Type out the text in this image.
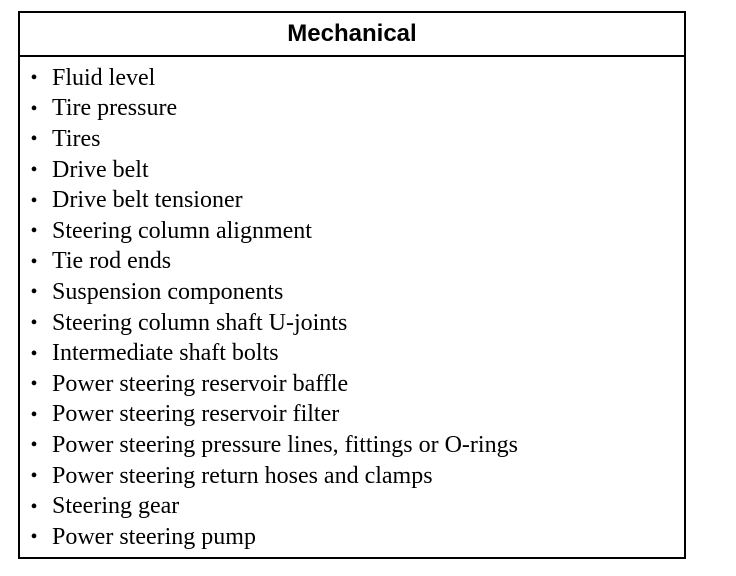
Mechanical
• Fluid level
• Tire pressure
• Tires
• Drive belt
• Drive belt tensioner
• Steering column alignment
• Tie rod ends
• Suspension components
• Steering column shaft U-joints
• Intermediate shaft bolts
• Power steering reservoir baffle
• Power steering reservoir filter
• Power steering pressure lines, fittings or O-rings
• Power steering return hoses and clamps
• Steering gear
• Power steering pump
